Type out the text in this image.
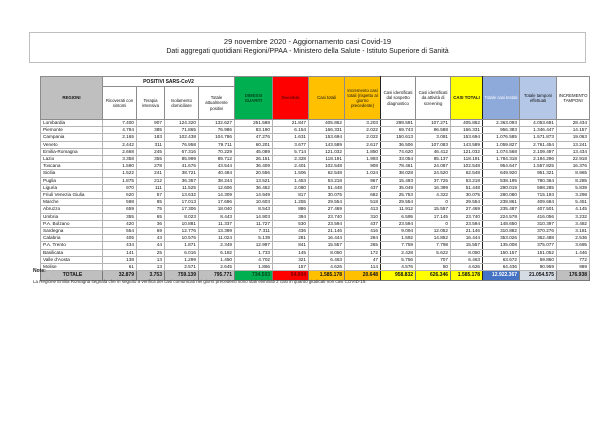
29 novembre 2020 - Aggiornamento casi Covid-19
Dati aggregati quotidiani Regioni/PPAA - Ministero della Salute - Istituto Superiore di Sanità
REGIONI	POSITIVI SARS-CoV2				DIMESSI GUARITI	Deceduti	Casi totali	Incremento casi totali (rispetto al giorno precedente)	Casi identificati dal sospetto diagnostico	Casi identificati da attività di screening	CASI TOTALI	Totale casi testati	Totale tamponi effettuati	INCREMENTO TAMPONI
	Ricoverati con sintomi	Terapia intensiva	Isolamento domiciliare	Totale attualmente positivi										
Lombardia	7.400	907	124.320	132.627	251.588	21.847	405.862	3.203	298.591	107.271	405.862	2.363.093	4.053.691	28.434
Piemonte	4.794	385	71.865	76.986	83.190	6.154	166.331	2.022	69.743	96.588	166.331	956.383	1.346.447	14.157
Campania	2.165	183	102.438	104.786	47.276	1.631	153.694	2.022	150.613	3.081	153.694	1.076.585	1.571.873	19.063
Veneto	2.442	311	76.958	79.711	60.201	3.677	143.589	2.617	36.506	107.083	143.589	1.059.827	2.761.454	13.241
Emilia-Romagna	2.668	245	67.316	70.229	45.089	5.714	121.032	1.850	74.620	46.412	121.032	1.074.568	2.109.497	13.434
Lazio	3.358	355	85.999	89.712	26.151	2.328	118.191	1.993	33.054	85.137	118.191	1.784.318	2.194.296	22.918
Toscana	1.590	278	41.676	43.544	36.409	2.401	102.548	908	78.461	24.087	102.548	954.647	1.557.825	16.376
Sicilia	1.522	241	38.721	40.484	20.556	1.506	62.548	1.024	38.028	24.520	62.548	649.920	951.321	8.965
Puglia	1.875	212	36.357	38.244	13.521	1.453	53.218	967	15.493	37.725	53.218	538.195	780.364	8.285
Liguria	970	111	11.525	12.606	36.462	2.080	51.448	437	35.049	16.399	51.448	290.019	598.285	5.839
Friuli Venezia Giulia	620	57	13.632	14.309	14.949	817	30.075	682	25.753	4.322	30.075	280.080	715.193	3.298
Marche	598	85	17.013	17.696	10.603	1.255	29.554	518	29.554	0	29.554	238.861	409.684	5.451
Abruzzo	659	75	17.306	18.040	8.543	886	27.469	413	11.912	15.557	27.469	235.487	407.501	4.145
Umbria	355	65	8.023	8.443	14.903	394	23.740	310	6.595	17.145	23.740	224.578	416.056	3.232
P.A. Bolzano	420	36	10.881	11.337	11.727	530	23.594	437	23.594	0	23.594	148.650	310.397	3.482
Sardegna	554	69	12.776	13.399	7.311	436	21.146	416	9.094	12.052	21.146	310.882	370.276	3.181
Calabria	405	43	10.576	11.024	5.139	281	16.444	294	1.592	14.852	16.444	353.026	362.488	2.536
P.A. Trento	434	44	1.871	2.349	12.997	841	15.557	265	7.759	7.798	15.557	135.008	375.077	3.695
Basilicata	141	25	6.016	6.182	1.733	145	8.050	172	2.428	5.622	8.050	150.157	151.052	1.446
Valle d'Aosta	138	13	1.299	1.450	4.702	321	6.463	47	5.756	707	6.463	63.672	59.860	772
Molise	61	13	2.571	2.645	1.866	157	4.626	114	4.576	50	4.626	64.436	90.959	989
TOTALE	32.879	3.753	759.139	795.771	734.503	54.904	1.585.178	20.648	958.832	626.346	1.585.178	12.922.367	21.054.575	176.938
Note:
La Regione Emilia Romagna segnala che in seguito a verifica dei casi comunicati nei giorni precedenti sono stati eliminati 2 casi in quanto giudicati non casi COVID-19.
